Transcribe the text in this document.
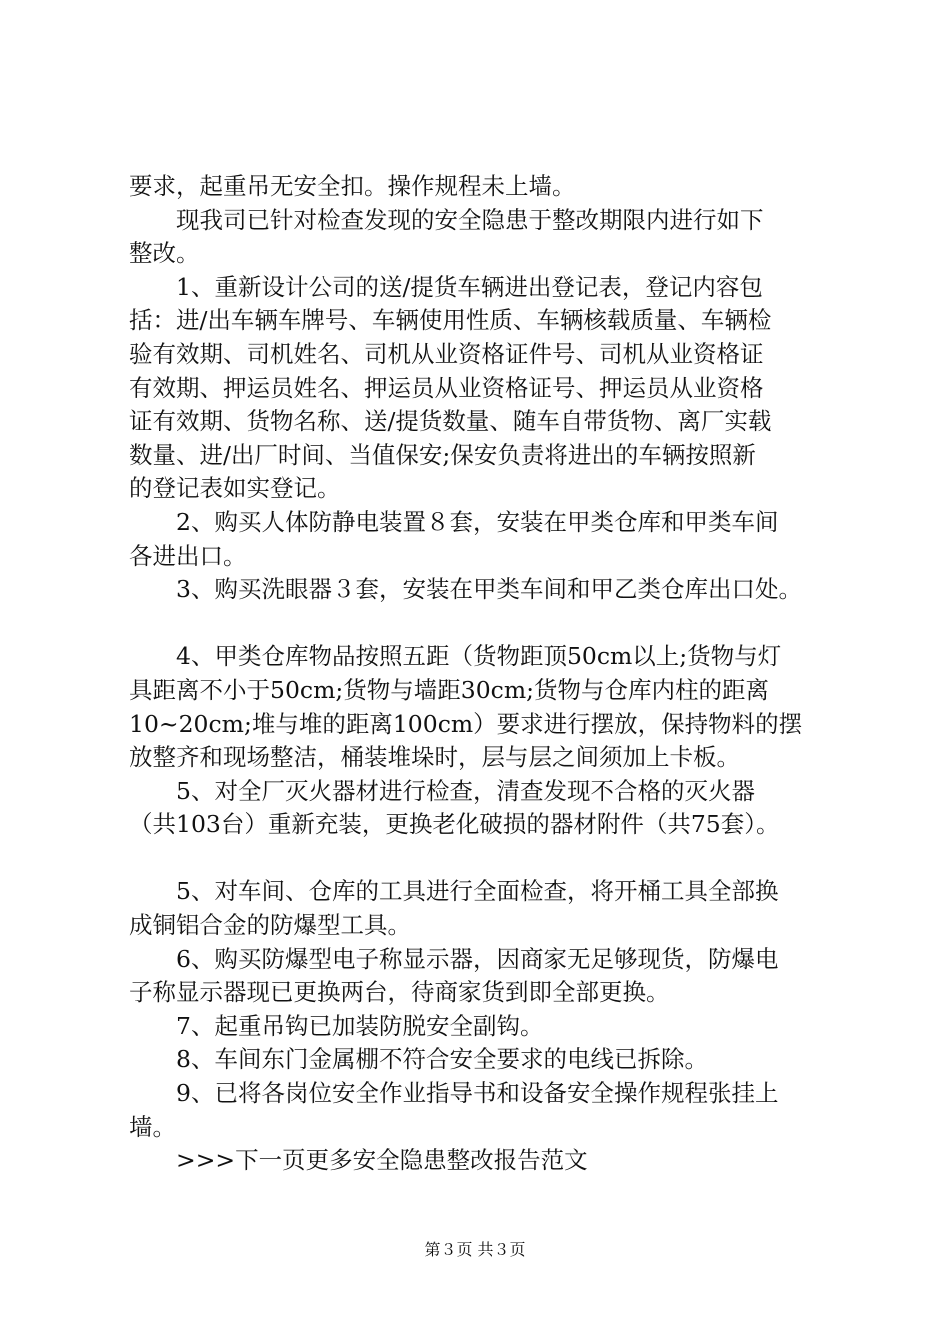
要求，起重吊无安全扣。操作规程未上墙。
　　现我司已针对检查发现的安全隐患于整改期限内进行如下
整改。
　　1、重新设计公司的送/提货车辆进出登记表，登记内容包
括：进/出车辆车牌号、车辆使用性质、车辆核载质量、车辆检
验有效期、司机姓名、司机从业资格证件号、司机从业资格证
有效期、押运员姓名、押运员从业资格证号、押运员从业资格
证有效期、货物名称、送/提货数量、随车自带货物、离厂实载
数量、进/出厂时间、当值保安;保安负责将进出的车辆按照新
的登记表如实登记。
　　2、购买人体防静电装置８套，安装在甲类仓库和甲类车间
各进出口。
　　3、购买洗眼器３套，安装在甲类车间和甲乙类仓库出口处。
　　4、甲类仓库物品按照五距（货物距顶50cm以上;货物与灯
具距离不小于50cm;货物与墙距30cm;货物与仓库内柱的距离
10~20cm;堆与堆的距离100cm）要求进行摆放，保持物料的摆
放整齐和现场整洁，桶装堆垛时，层与层之间须加上卡板。
　　5、对全厂灭火器材进行检查，清查发现不合格的灭火器
（共103台）重新充装，更换老化破损的器材附件（共75套）。
　　5、对车间、仓库的工具进行全面检查，将开桶工具全部换
成铜铝合金的防爆型工具。
　　6、购买防爆型电子称显示器，因商家无足够现货，防爆电
子称显示器现已更换两台，待商家货到即全部更换。
　　7、起重吊钩已加装防脱安全副钩。
　　8、车间东门金属棚不符合安全要求的电线已拆除。
　　9、已将各岗位安全作业指导书和设备安全操作规程张挂上
墙。
　　>>>下一页更多安全隐患整改报告范文
第３页 共３页
